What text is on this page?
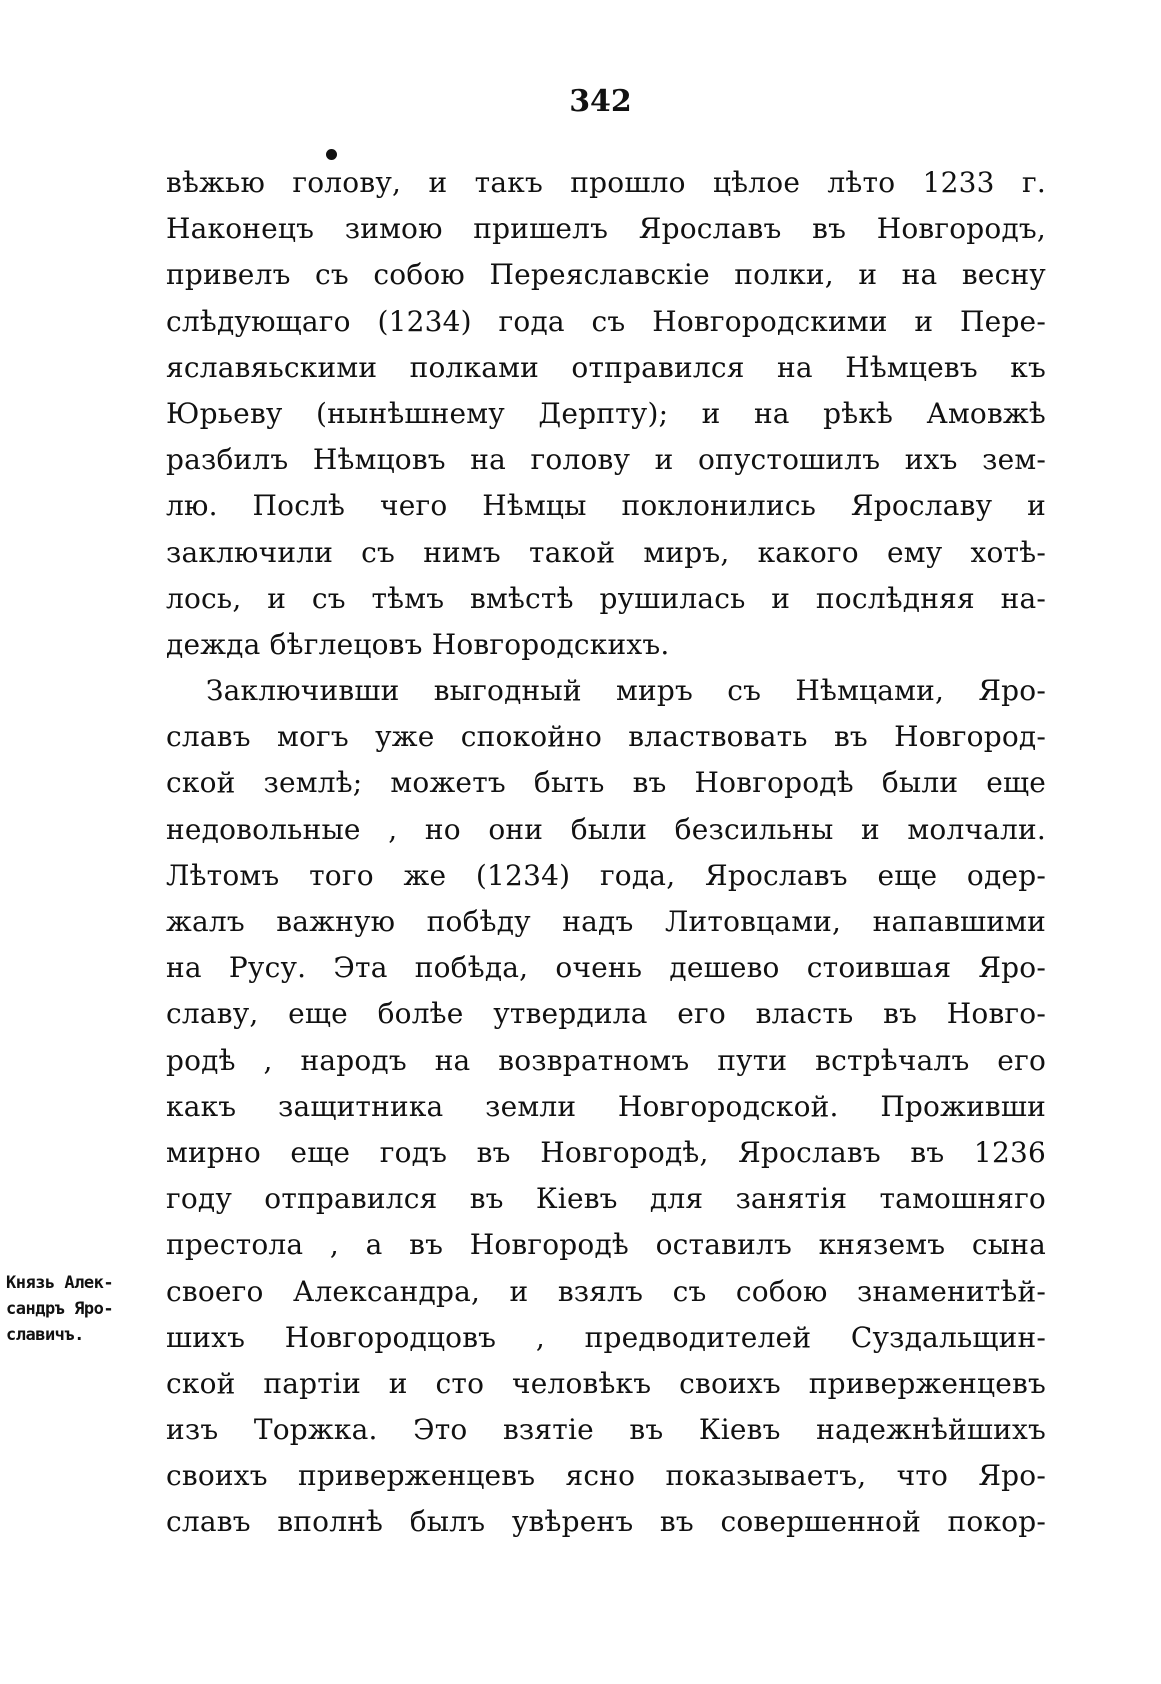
342
Князь Алек-
сандръ Яро-
славичъ.
вѣжью голову, и такъ прошло цѣлое лѣто 1233 г.
Наконецъ зимою пришелъ Ярославъ въ Новгородъ,
привелъ съ собою Переяславскіе полки, и на весну
слѣдующаго (1234) года съ Новгородскими и Пере-
яславяьскими полками отправился на Нѣмцевъ къ
Юрьеву (нынѣшнему Дерпту); и на рѣкѣ Амовжѣ
разбилъ Нѣмцовъ на голову и опустошилъ ихъ зем-
лю. Послѣ чего Нѣмцы поклонились Ярославу и
заключили съ нимъ такой миръ, какого ему хотѣ-
лось, и съ тѣмъ вмѣстѣ рушилась и послѣдняя на-
дежда бѣглецовъ Новгородскихъ.
Заключивши выгодный миръ съ Нѣмцами, Яро-
славъ могъ уже спокойно властвовать въ Новгород-
ской землѣ; можетъ быть въ Новгородѣ были еще
недовольные , но они были безсильны и молчали.
Лѣтомъ того же (1234) года, Ярославъ еще одер-
жалъ важную побѣду надъ Литовцами, напавшими
на Русу. Эта побѣда, очень дешево стоившая Яро-
славу, еще болѣе утвердила его власть въ Новго-
родѣ , народъ на возвратномъ пути встрѣчалъ его
какъ защитника земли Новгородской. Проживши
мирно еще годъ въ Новгородѣ, Ярославъ въ 1236
году отправился въ Кіевъ для занятія тамошняго
престола , а въ Новгородѣ оставилъ княземъ сына
своего Александра, и взялъ съ собою знаменитѣй-
шихъ Новгородцовъ , предводителей Суздальщин-
ской партіи и сто человѣкъ своихъ приверженцевъ
изъ Торжка. Это взятіе въ Кіевъ надежнѣйшихъ
своихъ приверженцевъ ясно показываетъ, что Яро-
славъ вполнѣ былъ увѣренъ въ совершенной покор-
